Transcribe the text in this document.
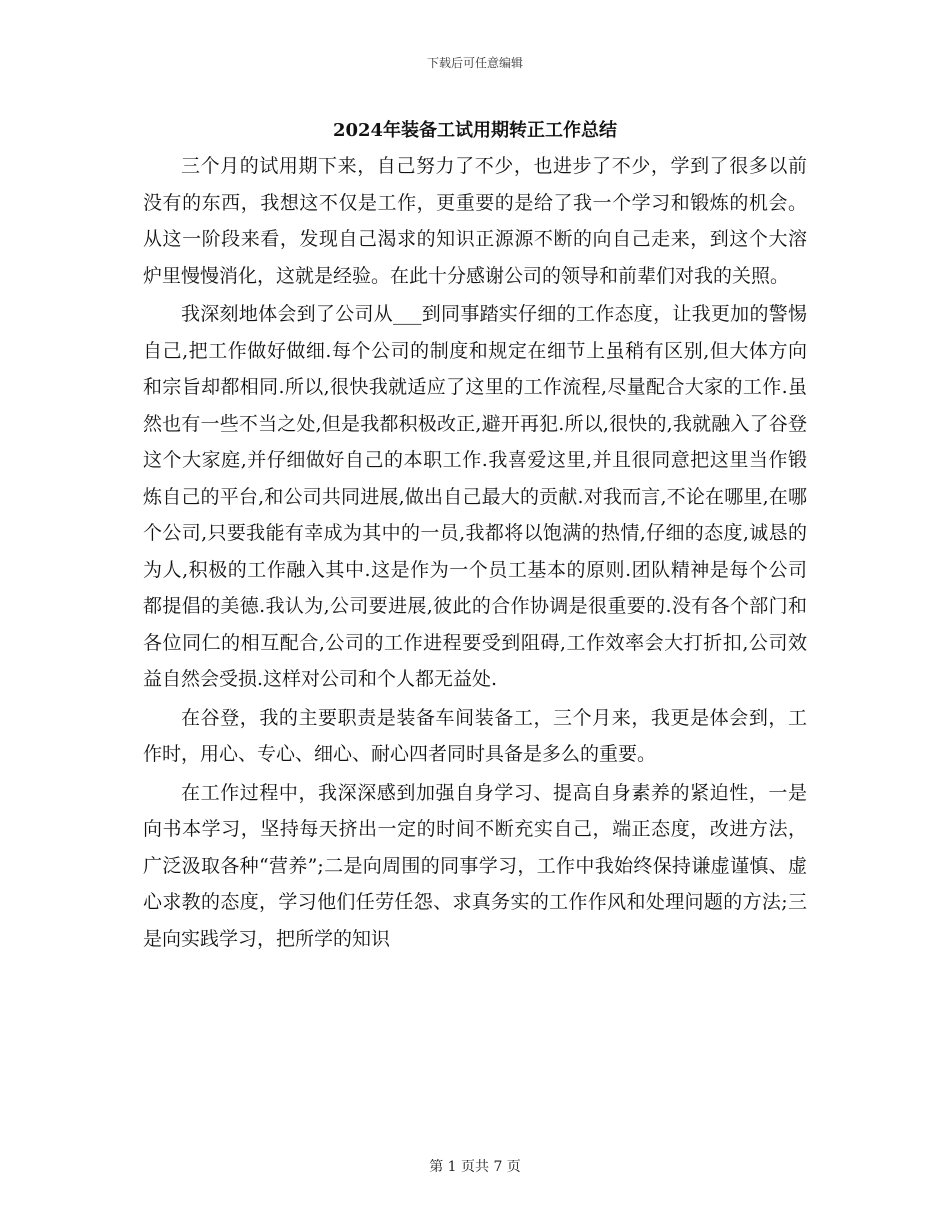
下载后可任意编辑
2024年装备工试用期转正工作总结

三个月的试用期下来，自己努力了不少，也进步了不少，学到了很多以前没有的东西，我想这不仅是工作，更重要的是给了我一个学习和锻炼的机会。从这一阶段来看，发现自己渴求的知识正源源不断的向自己走来，到这个大溶炉里慢慢消化，这就是经验。在此十分感谢公司的领导和前辈们对我的关照。

我深刻地体会到了公司从___到同事踏实仔细的工作态度，让我更加的警惕自己,把工作做好做细.每个公司的制度和规定在细节上虽稍有区别,但大体方向和宗旨却都相同.所以,很快我就适应了这里的工作流程,尽量配合大家的工作.虽然也有一些不当之处,但是我都积极改正,避开再犯.所以,很快的,我就融入了谷登这个大家庭,并仔细做好自己的本职工作.我喜爱这里,并且很同意把这里当作锻炼自己的平台,和公司共同进展,做出自己最大的贡献.对我而言,不论在哪里,在哪个公司,只要我能有幸成为其中的一员,我都将以饱满的热情,仔细的态度,诚恳的为人,积极的工作融入其中.这是作为一个员工基本的原则.团队精神是每个公司都提倡的美德.我认为,公司要进展,彼此的合作协调是很重要的.没有各个部门和各位同仁的相互配合,公司的工作进程要受到阻碍,工作效率会大打折扣,公司效益自然会受损.这样对公司和个人都无益处.

在谷登，我的主要职责是装备车间装备工，三个月来，我更是体会到，工作时，用心、专心、细心、耐心四者同时具备是多么的重要。

在工作过程中，我深深感到加强自身学习、提高自身素养的紧迫性，一是向书本学习，坚持每天挤出一定的时间不断充实自己，端正态度，改进方法，广泛汲取各种“营养”;二是向周围的同事学习，工作中我始终保持谦虚谨慎、虚心求教的态度，学习他们任劳任怨、求真务实的工作作风和处理问题的方法;三是向实践学习，把所学的知识

第 1 页共 7 页
